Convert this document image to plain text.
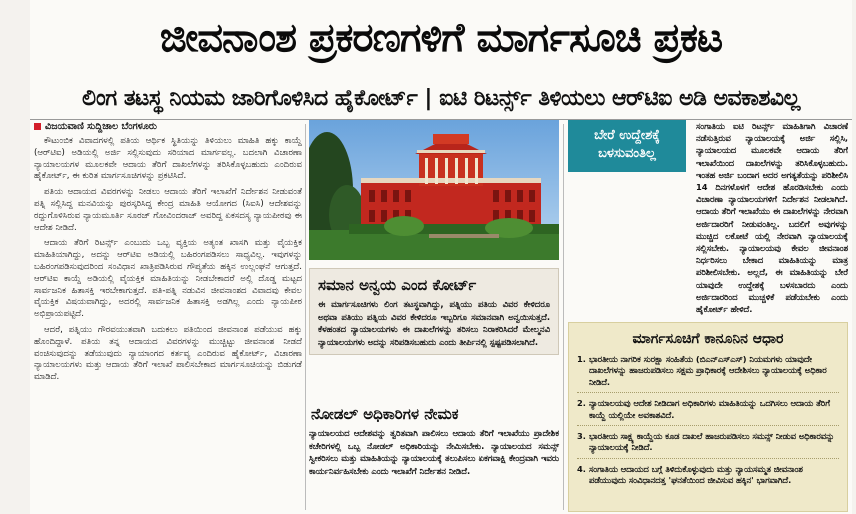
ಜೀವನಾಂಶ ಪ್ರಕರಣಗಳಿಗೆ ಮಾರ್ಗಸೂಚಿ ಪ್ರಕಟ
ಲಿಂಗ ತಟಸ್ಥ ನಿಯಮ ಜಾರಿಗೊಳಿಸಿದ ಹೈಕೋರ್ಟ್ | ಐಟಿ ರಿಟರ್ನ್ಸ್ ತಿಳಿಯಲು ಆರ್‌ಟಿಐ ಅಡಿ ಅವಕಾಶವಿಲ್ಲ
ವಿಜಯವಾಣಿ ಸುದ್ದಿಜಾಲ ಬೆಂಗಳೂರು

ಕೌಟುಂಬಿಕ ವಿವಾದಗಳಲ್ಲಿ ಪತಿಯ ಆರ್ಥಿಕ ಸ್ಥಿತಿಯನ್ನು ತಿಳಿಯಲು ಮಾಹಿತಿ ಹಕ್ಕು ಕಾಯ್ದೆ (ಆರ್‌ಟಿಐ) ಅಡಿಯಲ್ಲಿ ಅರ್ಜಿ ಸಲ್ಲಿಸುವುದು ಸರಿಯಾದ ಮಾರ್ಗವಲ್ಲ. ಬದಲಾಗಿ ವಿಚಾರಣಾ ನ್ಯಾಯಾಲಯಗಳ ಮೂಲಕವೇ ಆದಾಯ ತೆರಿಗೆ ದಾಖಲೆಗಳನ್ನು ತರಿಸಿಕೊಳ್ಳಬಹುದು ಎಂದಿರುವ ಹೈಕೋರ್ಟ್, ಈ ಕುರಿತ ಮಾರ್ಗಸೂಚಿಗಳನ್ನು ಪ್ರಕಟಿಸಿದೆ.

ಪತಿಯ ಆದಾಯದ ವಿವರಗಳನ್ನು ನೀಡಲು ಆದಾಯ ತೆರಿಗೆ ಇಲಾಖೆಗೆ ನಿರ್ದೇಶನ ನೀಡುವಂತೆ ಪತ್ನಿ ಸಲ್ಲಿಸಿದ್ದ ಮನವಿಯನ್ನು ಪುರಸ್ಕರಿಸಿದ್ದ ಕೇಂದ್ರ ಮಾಹಿತಿ ಆಯೋಗದ (ಸಿಐಸಿ) ಆದೇಶವನ್ನು ರದ್ದುಗೊಳಿಸಿರುವ ನ್ಯಾಯಮೂರ್ತಿ ಸೂರಜ್ ಗೋವಿಂದರಾಜ್ ಅವರಿದ್ದ ಏಕಸದಸ್ಯ ನ್ಯಾಯಪೀಠವು ಈ ಆದೇಶ ನೀಡಿದೆ.

ಆದಾಯ ತೆರಿಗೆ ರಿಟರ್ನ್ಸ್ ಎಂಬುದು ಒಬ್ಬ ವ್ಯಕ್ತಿಯ ಅತ್ಯಂತ ಖಾಸಗಿ ಮತ್ತು ವೈಯಕ್ತಿಕ ಮಾಹಿತಿಯಾಗಿದ್ದು, ಅದನ್ನು ಆರ್‌ಟಿಐ ಅಡಿಯಲ್ಲಿ ಬಹಿರಂಗಪಡಿಸಲು ಸಾಧ್ಯವಿಲ್ಲ. ಇವುಗಳನ್ನು ಬಹಿರಂಗಪಡಿಸುವುದರಿಂದ ಸಂವಿಧಾನ ಖಾತ್ರಿಪಡಿಸಿರುವ ಗೌಪ್ಯತೆಯ ಹಕ್ಕಿನ ಉಲ್ಲಂಘನೆ ಆಗುತ್ತದೆ. ಆರ್‌ಟಿಐ ಕಾಯ್ದೆ ಅಡಿಯಲ್ಲಿ ವೈಯಕ್ತಿಕ ಮಾಹಿತಿಯನ್ನು ನೀಡಬೇಕಾದರೆ ಅಲ್ಲಿ ದೊಡ್ಡ ಮಟ್ಟದ ಸಾರ್ವಜನಿಕ ಹಿತಾಸಕ್ತಿ ಇರಬೇಕಾಗುತ್ತದೆ. ಪತಿ-ಪತ್ನಿ ನಡುವಿನ ಜೀವನಾಂಶದ ವಿವಾದವು ಕೇವಲ ವೈಯಕ್ತಿಕ ವಿಷಯವಾಗಿದ್ದು, ಅದರಲ್ಲಿ ಸಾರ್ವಜನಿಕ ಹಿತಾಸಕ್ತಿ ಅಡಗಿಲ್ಲ ಎಂದು ನ್ಯಾಯಪೀಠ ಅಭಿಪ್ರಾಯಪಟ್ಟಿದೆ.

ಆದರೆ, ಪತ್ನಿಯು ಗೌರವಯುತವಾಗಿ ಬದುಕಲು ಪತಿಯಿಂದ ಜೀವನಾಂಶ ಪಡೆಯುವ ಹಕ್ಕು ಹೊಂದಿದ್ದಾಳೆ. ಪತಿಯ ತನ್ನ ಆದಾಯದ ವಿವರಗಳನ್ನು ಮುಚ್ಚಿಟ್ಟು ಜೀವನಾಂಶ ನೀಡದೆ ವಂಚಿಸುವುದನ್ನು ತಡೆಯುವುದು ನ್ಯಾಯಾಂಗದ ಕರ್ತವ್ಯ ಎಂದಿರುವ ಹೈಕೋರ್ಟ್, ವಿಚಾರಣಾ ನ್ಯಾಯಾಲಯಗಳು ಮತ್ತು ಆದಾಯ ತೆರಿಗೆ ಇಲಾಖೆ ಪಾಲಿಸಬೇಕಾದ ಮಾರ್ಗಸೂಚಿಯನ್ನು ಬಿಡುಗಡೆ ಮಾಡಿದೆ.

ಸಮಾನ ಅನ್ವಯ ಎಂದ ಕೋರ್ಟ್
ಈ ಮಾರ್ಗಸೂಚಿಗಳು ಲಿಂಗ ತಟಸ್ಥವಾಗಿದ್ದು, ಪತ್ನಿಯು ಪತಿಯ ವಿವರ ಕೇಳಿದರೂ ಅಥವಾ ಪತಿಯು ಪತ್ನಿಯ ವಿವರ ಕೇಳಿದರೂ ಇಬ್ಬರಿಗೂ ಸಮಾನವಾಗಿ ಅನ್ವಯಿಸುತ್ತದೆ. ಕೆಳಹಂತದ ನ್ಯಾಯಾಲಯಗಳು ಈ ದಾಖಲೆಗಳನ್ನು ತರಿಸಲು ನಿರಾಕರಿಸಿದರೆ ಮೇಲ್ಮನವಿ ನ್ಯಾಯಾಲಯಗಳು ಅದನ್ನು ಸರಿಪಡಿಸಬಹುದು ಎಂದು ತೀರ್ಪಿನಲ್ಲಿ ಸ್ಪಷ್ಟಪಡಿಸಲಾಗಿದೆ.
ನೋಡಲ್ ಅಧಿಕಾರಿಗಳ ನೇಮಕ
ನ್ಯಾಯಾಲಯದ ಆದೇಶವನ್ನು ತ್ವರಿತವಾಗಿ ಪಾಲಿಸಲು ಆದಾಯ ತೆರಿಗೆ ಇಲಾಖೆಯು ಪ್ರಾದೇಶಿಕ ಕಚೇರಿಗಳಲ್ಲಿ ಒಬ್ಬ ನೋಡಲ್ ಅಧಿಕಾರಿಯನ್ನು ನೇಮಿಸಬೇಕು. ನ್ಯಾಯಾಲಯದ ಸಮನ್ಸ್ ಸ್ವೀಕರಿಸಲು ಮತ್ತು ಮಾಹಿತಿಯನ್ನು ನ್ಯಾಯಾಲಯಕ್ಕೆ ತಲುಪಿಸಲು ಏಕಗವಾಕ್ಷಿ ಕೇಂದ್ರವಾಗಿ ಇವರು ಕಾರ್ಯನಿರ್ವಹಿಸಬೇಕು ಎಂದು ಇಲಾಖೆಗೆ ನಿರ್ದೇಶನ ನೀಡಿದೆ.
ಸಂಗಾತಿಯ ಐಟಿ ರಿಟರ್ನ್ಸ್ ಮಾಹಿತಿಗಾಗಿ ವಿಚಾರಣೆ ನಡೆಸುತ್ತಿರುವ ನ್ಯಾಯಾಲಯಕ್ಕೆ ಅರ್ಜಿ ಸಲ್ಲಿಸಿ, ನ್ಯಾಯಾಲಯದ ಮೂಲಕವೇ ಆದಾಯ ತೆರಿಗೆ ಇಲಾಖೆಯಿಂದ ದಾಖಲೆಗಳನ್ನು ತರಿಸಿಕೊಳ್ಳಬಹುದು. ಇಂತಹ ಅರ್ಜಿ ಬಂದಾಗ ಅದರ ಅಗತ್ಯತೆಯನ್ನು ಪರಿಶೀಲಿಸಿ 14 ದಿನಗಳೊಳಗೆ ಆದೇಶ ಹೊರಡಿಸಬೇಕು ಎಂದು ವಿಚಾರಣಾ ನ್ಯಾಯಾಲಯಗಳಿಗೆ ನಿರ್ದೇಶನ ನೀಡಲಾಗಿದೆ. ಆದಾಯ ತೆರಿಗೆ ಇಲಾಖೆಯು ಈ ದಾಖಲೆಗಳನ್ನು ನೇರವಾಗಿ ಅರ್ಜಿದಾರರಿಗೆ ನೀಡುವಂತಿಲ್ಲ. ಬದಲಿಗೆ ಅವುಗಳನ್ನು ಮುಚ್ಚಿದ ಲಕೋಟೆ ಯಲ್ಲಿ ನೇರವಾಗಿ ನ್ಯಾಯಾಲಯಕ್ಕೆ ಸಲ್ಲಿಸಬೇಕು. ನ್ಯಾಯಾಲಯವು ಕೇವಲ ಜೀವನಾಂಶ ನಿರ್ಧರಿಸಲು ಬೇಕಾದ ಮಾಹಿತಿಯನ್ನು ಮಾತ್ರ ಪರಿಶೀಲಿಸಬೇಕು. ಅಲ್ಲದೆ, ಈ ಮಾಹಿತಿಯನ್ನು ಬೇರೆ ಯಾವುದೇ ಉದ್ದೇಶಕ್ಕೆ ಬಳಸಬಾರದು ಎಂದು ಅರ್ಜಿದಾರರಿಂದ ಮುಚ್ಚಳಿಕೆ ಪಡೆಯಬೇಕು ಎಂದು ಹೈಕೋರ್ಟ್ ಹೇಳಿದೆ.
ಬೇರೆ ಉದ್ದೇಶಕ್ಕೆ ಬಳಸುವಂತಿಲ್ಲ
ಮಾರ್ಗಸೂಚಿಗೆ ಕಾನೂನಿನ ಆಧಾರ
1. ಭಾರತೀಯ ನಾಗರಿಕ ಸುರಕ್ಷಾ ಸಂಹಿತೆಯ (ಬಿಎನ್‌ಎಸ್‌ಎಸ್) ನಿಯಮಗಳು ಯಾವುದೇ ದಾಖಲೆಗಳನ್ನು ಹಾಜರುಪಡಿಸಲು ಸಕ್ಷಮ ಪ್ರಾಧಿಕಾರಕ್ಕೆ ಆದೇಶಿಸಲು ನ್ಯಾಯಾಲಯಕ್ಕೆ ಅಧಿಕಾರ ನೀಡಿದೆ.
2. ನ್ಯಾಯಾಲಯವು ಆದೇಶ ನೀಡಿದಾಗ ಅಧಿಕಾರಿಗಳು ಮಾಹಿತಿಯನ್ನು ಒದಗಿಸಲು ಆದಾಯ ತೆರಿಗೆ ಕಾಯ್ದೆ ಯಲ್ಲಿಯೇ ಅವಕಾಶವಿದೆ.
3. ಭಾರತೀಯ ಸಾಕ್ಷ್ಯ ಕಾಯ್ದೆಯ ಕೂಡ ದಾಖಲೆ ಹಾಜರುಪಡಿಸಲು ಸಮನ್ಸ್ ನೀಡುವ ಅಧಿಕಾರವನ್ನು ನ್ಯಾಯಾಲಯಕ್ಕೆ ನೀಡಿದೆ.
4. ಸಂಗಾತಿಯ ಆದಾಯದ ಬಗ್ಗೆ ತಿಳಿದುಕೊಳ್ಳುವುದು ಮತ್ತು ನ್ಯಾಯಸಮ್ಮತ ಜೀವನಾಂಶ ಪಡೆಯುವುದು ಸಂವಿಧಾನದತ್ತ 'ಘನತೆಯಿಂದ ಜೀವಿಸುವ ಹಕ್ಕಿನ' ಭಾಗವಾಗಿದೆ.
